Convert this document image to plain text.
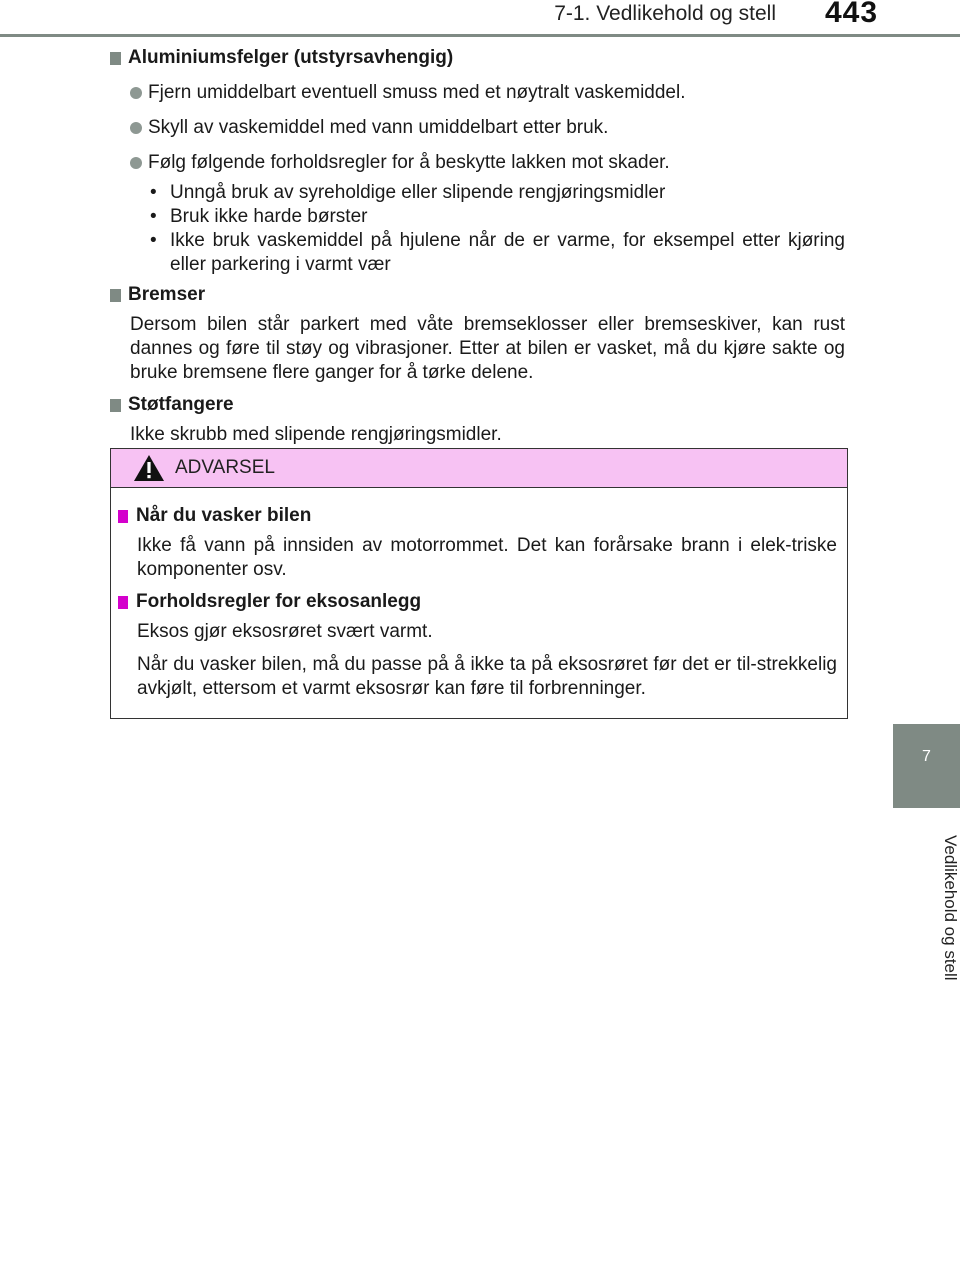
7-1. Vedlikehold og stell 443
7
Vedlikehold og stell
Aluminiumsfelger (utstyrsavhengig)
Fjern umiddelbart eventuell smuss med et nøytralt vaskemiddel.
Skyll av vaskemiddel med vann umiddelbart etter bruk.
Følg følgende forholdsregler for å beskytte lakken mot skader.
• Unngå bruk av syreholdige eller slipende rengjøringsmidler
• Bruk ikke harde børster
• Ikke bruk vaskemiddel på hjulene når de er varme, for eksempel etter kjøring eller parkering i varmt vær
Bremser
Dersom bilen står parkert med våte bremseklosser eller bremseskiver, kan rust dannes og føre til støy og vibrasjoner. Etter at bilen er vasket, må du kjøre sakte og bruke bremsene flere ganger for å tørke delene.
Støtfangere
Ikke skrubb med slipende rengjøringsmidler.
ADVARSEL
Når du vasker bilen
Ikke få vann på innsiden av motorrommet. Det kan forårsake brann i elek-triske komponenter osv.
Forholdsregler for eksosanlegg
Eksos gjør eksosrøret svært varmt.
Når du vasker bilen, må du passe på å ikke ta på eksosrøret før det er til-strekkelig avkjølt, ettersom et varmt eksosrør kan føre til forbrenninger.
